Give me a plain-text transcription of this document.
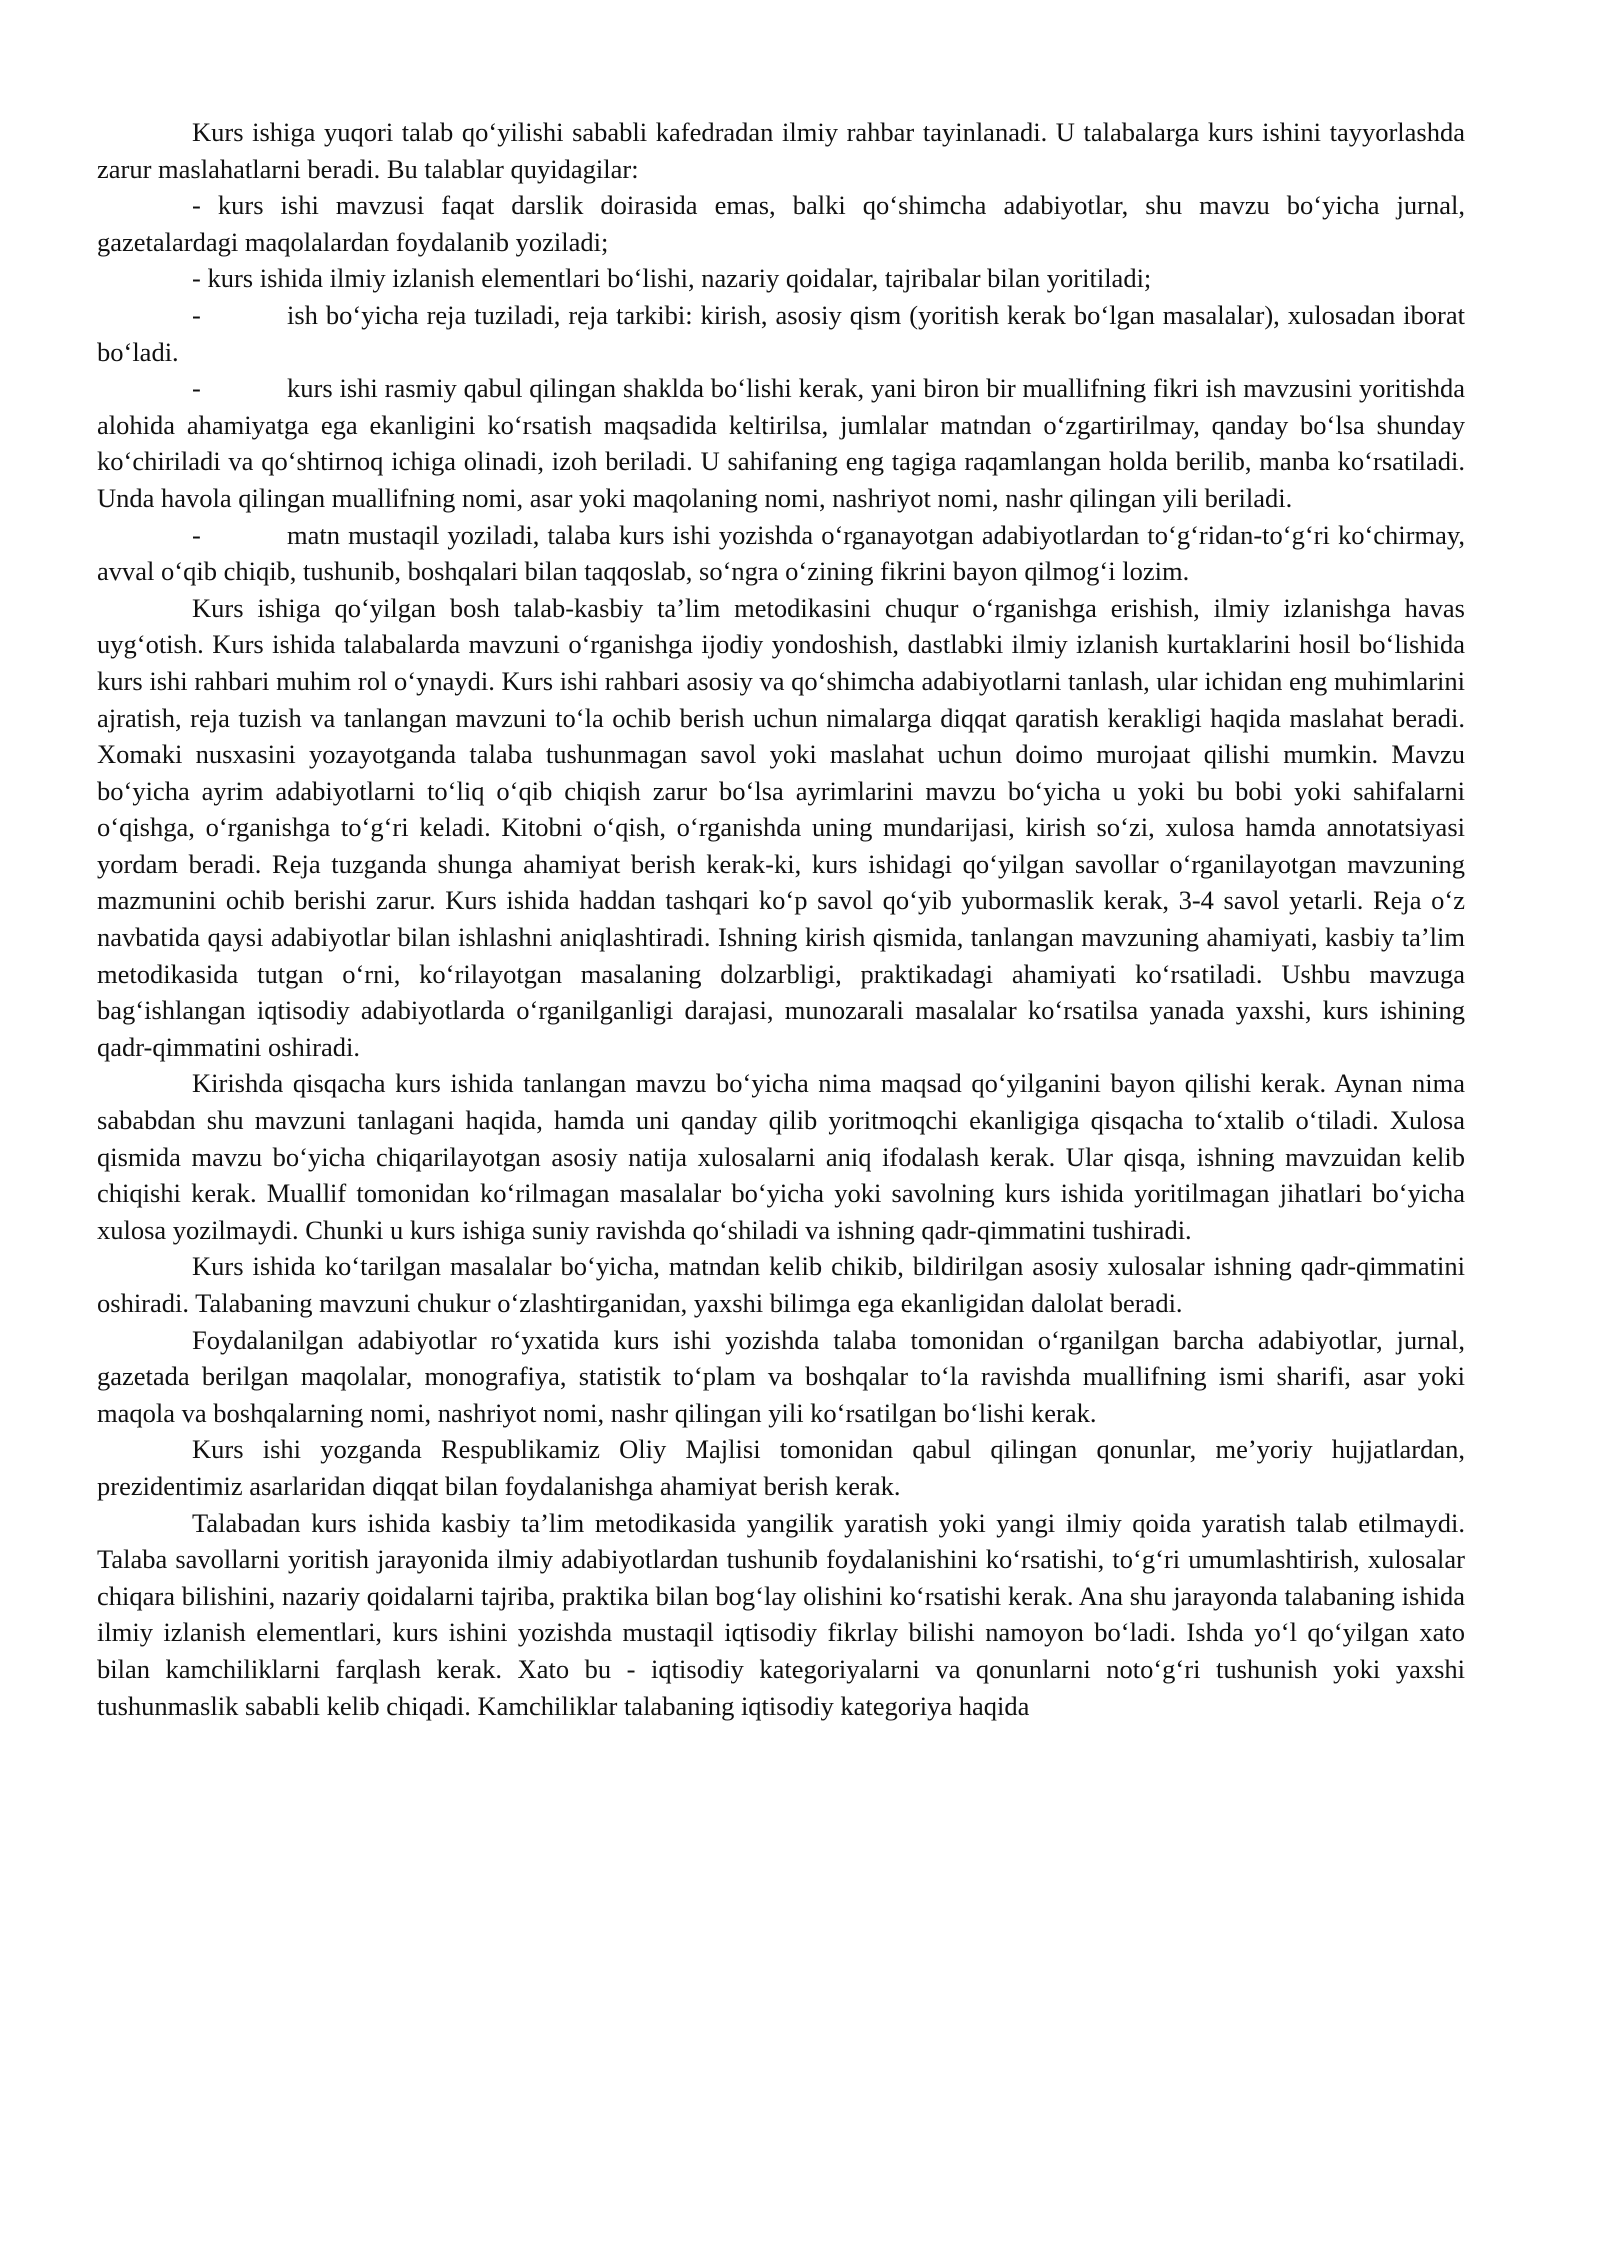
Kurs ishiga yuqori talab qo‘yilishi sababli kafedradan ilmiy rahbar tayinlanadi. U talabalarga kurs ishini tayyorlashda zarur maslahatlarni beradi. Bu talablar quyidagilar:

- kurs ishi mavzusi faqat darslik doirasida emas, balki qo‘shimcha adabiyotlar, shu mavzu bo‘yicha jurnal, gazetalardagi maqolalardan foydalanib yoziladi;

- kurs ishida ilmiy izlanish elementlari bo‘lishi, nazariy qoidalar, tajribalar bilan yoritiladi;

-	ish bo‘yicha reja tuziladi, reja tarkibi: kirish, asosiy qism (yoritish kerak bo‘lgan masalalar), xulosadan iborat bo‘ladi.

-	kurs ishi rasmiy qabul qilingan shaklda bo‘lishi kerak, yani biron bir muallifning fikri ish mavzusini yoritishda alohida ahamiyatga ega ekanligini ko‘rsatish maqsadida keltirilsa, jumlalar matndan o‘zgartirilmay, qanday bo‘lsa shunday ko‘chiriladi va qo‘shtirnoq ichiga olinadi, izoh beriladi. U sahifaning eng tagiga raqamlangan holda berilib, manba ko‘rsatiladi. Unda havola qilingan muallifning nomi, asar yoki maqolaning nomi, nashriyot nomi, nashr qilingan yili beriladi.

-	matn mustaqil yoziladi, talaba kurs ishi yozishda o‘rganayotgan adabiyotlardan to‘g‘ridan-to‘g‘ri ko‘chirmay, avval o‘qib chiqib, tushunib, boshqalari bilan taqqoslab, so‘ngra o‘zining fikrini bayon qilmog‘i lozim.

Kurs ishiga qo‘yilgan bosh talab-kasbiy ta’lim metodikasini chuqur o‘rganishga erishish, ilmiy izlanishga havas uyg‘otish. Kurs ishida talabalarda mavzuni o‘rganishga ijodiy yondoshish, dastlabki ilmiy izlanish kurtaklarini hosil bo‘lishida kurs ishi rahbari muhim rol o‘ynaydi. Kurs ishi rahbari asosiy va qo‘shimcha adabiyotlarni tanlash, ular ichidan eng muhimlarini ajratish, reja tuzish va tanlangan mavzuni to‘la ochib berish uchun nimalarga diqqat qaratish kerakligi haqida maslahat beradi. Xomaki nusxasini yozayotganda talaba tushunmagan savol yoki maslahat uchun doimo murojaat qilishi mumkin. Mavzu bo‘yicha ayrim adabiyotlarni to‘liq o‘qib chiqish zarur bo‘lsa ayrimlarini mavzu bo‘yicha u yoki bu bobi yoki sahifalarni o‘qishga, o‘rganishga to‘g‘ri keladi. Kitobni o‘qish, o‘rganishda uning mundarijasi, kirish so‘zi, xulosa hamda annotatsiyasi yordam beradi. Reja tuzganda shunga ahamiyat berish kerak-ki, kurs ishidagi qo‘yilgan savollar o‘rganilayotgan mavzuning mazmunini ochib berishi zarur. Kurs ishida haddan tashqari ko‘p savol qo‘yib yubormaslik kerak, 3-4 savol yetarli. Reja o‘z navbatida qaysi adabiyotlar bilan ishlashni aniqlashtiradi. Ishning kirish qismida, tanlangan mavzuning ahamiyati, kasbiy ta’lim metodikasida tutgan o‘rni, ko‘rilayotgan masalaning dolzarbligi, praktikadagi ahamiyati ko‘rsatiladi. Ushbu mavzuga bag‘ishlangan iqtisodiy adabiyotlarda o‘rganilganligi darajasi, munozarali masalalar ko‘rsatilsa yanada yaxshi, kurs ishining qadr-qimmatini oshiradi.

Kirishda qisqacha kurs ishida tanlangan mavzu bo‘yicha nima maqsad qo‘yilganini bayon qilishi kerak. Aynan nima sababdan shu mavzuni tanlagani haqida, hamda uni qanday qilib yoritmoqchi ekanligiga qisqacha to‘xtalib o‘tiladi. Xulosa qismida mavzu bo‘yicha chiqarilayotgan asosiy natija xulosalarni aniq ifodalash kerak. Ular qisqa, ishning mavzuidan kelib chiqishi kerak. Muallif tomonidan ko‘rilmagan masalalar bo‘yicha yoki savolning kurs ishida yoritilmagan jihatlari bo‘yicha xulosa yozilmaydi. Chunki u kurs ishiga suniy ravishda qo‘shiladi va ishning qadr-qimmatini tushiradi.

Kurs ishida ko‘tarilgan masalalar bo‘yicha, matndan kelib chikib, bildirilgan asosiy xulosalar ishning qadr-qimmatini oshiradi. Talabaning mavzuni chukur o‘zlashtirganidan, yaxshi bilimga ega ekanligidan dalolat beradi.

Foydalanilgan adabiyotlar ro‘yxatida kurs ishi yozishda talaba tomonidan o‘rganilgan barcha adabiyotlar, jurnal, gazetada berilgan maqolalar, monografiya, statistik to‘plam va boshqalar to‘la ravishda muallifning ismi sharifi, asar yoki maqola va boshqalarning nomi, nashriyot nomi, nashr qilingan yili ko‘rsatilgan bo‘lishi kerak.

Kurs ishi yozganda Respublikamiz Oliy Majlisi tomonidan qabul qilingan qonunlar, me’yoriy hujjatlardan, prezidentimiz asarlaridan diqqat bilan foydalanishga ahamiyat berish kerak.

Talabadan kurs ishida kasbiy ta’lim metodikasida yangilik yaratish yoki yangi ilmiy qoida yaratish talab etilmaydi. Talaba savollarni yoritish jarayonida ilmiy adabiyotlardan tushunib foydalanishini ko‘rsatishi, to‘g‘ri umumlashtirish, xulosalar chiqara bilishini, nazariy qoidalarni tajriba, praktika bilan bog‘lay olishini ko‘rsatishi kerak. Ana shu jarayonda talabaning ishida ilmiy izlanish elementlari, kurs ishini yozishda mustaqil iqtisodiy fikrlay bilishi namoyon bo‘ladi. Ishda yo‘l qo‘yilgan xato bilan kamchiliklarni farqlash kerak. Xato bu - iqtisodiy kategoriyalarni va qonunlarni noto‘g‘ri tushunish yoki yaxshi tushunmaslik sababli kelib chiqadi. Kamchiliklar talabaning iqtisodiy kategoriya haqida
